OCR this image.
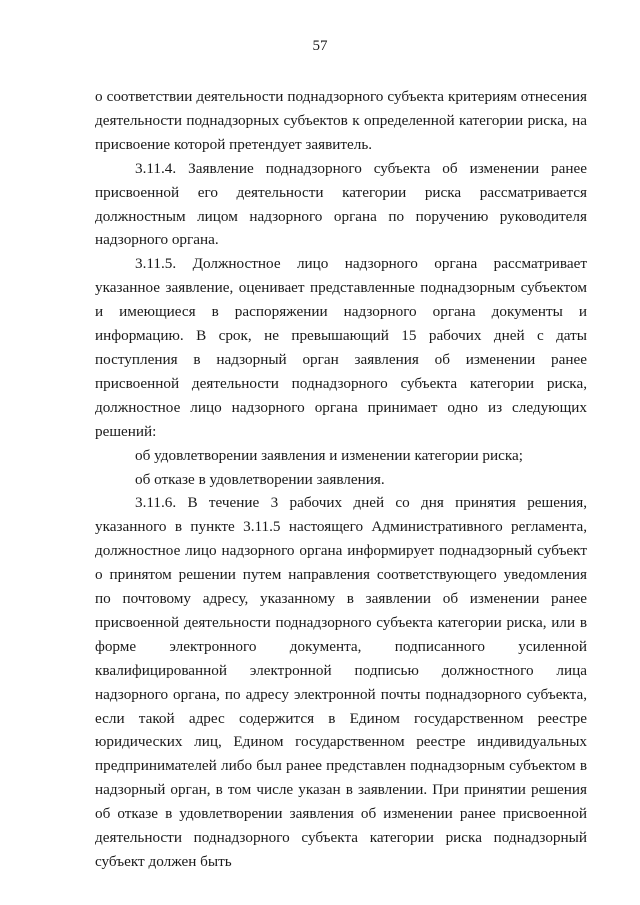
57

о соответствии деятельности поднадзорного субъекта критериям отнесения деятельности поднадзорных субъектов к определенной категории риска, на присвоение которой претендует заявитель.

3.11.4. Заявление поднадзорного субъекта об изменении ранее присвоенной его деятельности категории риска рассматривается должностным лицом надзорного органа по поручению руководителя надзорного органа.

3.11.5. Должностное лицо надзорного органа рассматривает указанное заявление, оценивает представленные поднадзорным субъектом и имеющиеся в распоряжении надзорного органа документы и информацию. В срок, не превышающий 15 рабочих дней с даты поступления в надзорный орган заявления об изменении ранее присвоенной деятельности поднадзорного субъекта категории риска, должностное лицо надзорного органа принимает одно из следующих решений:

об удовлетворении заявления и изменении категории риска;

об отказе в удовлетворении заявления.

3.11.6. В течение 3 рабочих дней со дня принятия решения, указанного в пункте 3.11.5 настоящего Административного регламента, должностное лицо надзорного органа информирует поднадзорный субъект о принятом решении путем направления соответствующего уведомления по почтовому адресу, указанному в заявлении об изменении ранее присвоенной деятельности поднадзорного субъекта категории риска, или в форме электронного документа, подписанного усиленной квалифицированной электронной подписью должностного лица надзорного органа, по адресу электронной почты поднадзорного субъекта, если такой адрес содержится в Едином государственном реестре юридических лиц, Едином государственном реестре индивидуальных предпринимателей либо был ранее представлен поднадзорным субъектом в надзорный орган, в том числе указан в заявлении. При принятии решения об отказе в удовлетворении заявления об изменении ранее присвоенной деятельности поднадзорного субъекта категории риска поднадзорный субъект должен быть
